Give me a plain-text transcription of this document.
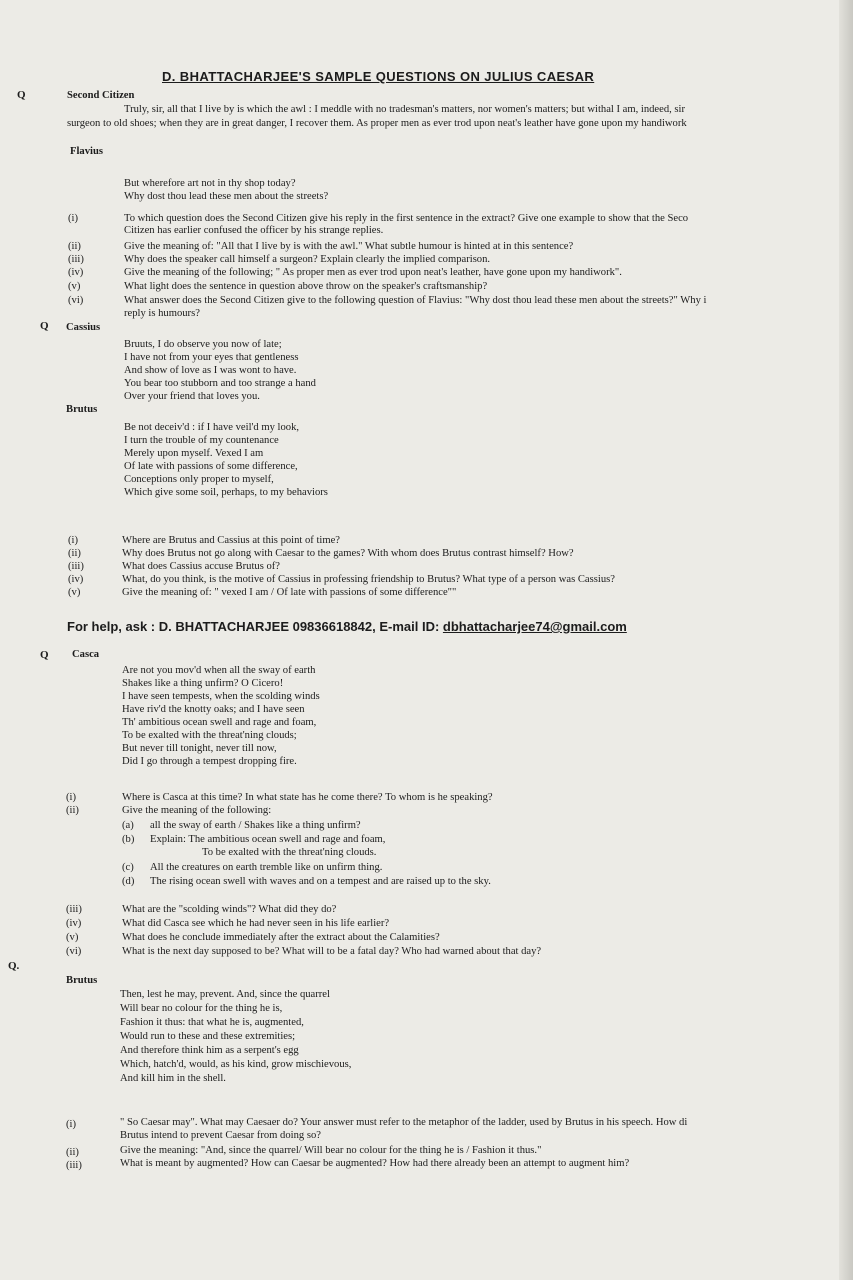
D. BHATTACHARJEE'S SAMPLE QUESTIONS ON JULIUS CAESAR
Q	Second Citizen
Truly, sir, all that I live by is which the awl : I meddle with no tradesman's matters, nor women's matters; but withal I am, indeed, sir
surgeon to old shoes; when they are in great danger, I recover them. As proper men as ever trod upon neat's leather have gone upon my handiwork
Flavius
But wherefore art not in thy shop today?
Why dost thou lead these men about the streets?
(i)	To which question does the Second Citizen give his reply in the first sentence in the extract? Give one example to show that the Seco
Citizen has earlier confused the officer by his strange replies.
(ii)	Give the meaning of: "All that I live by is with the awl." What subtle humour is hinted at in this sentence?
(iii)	Why does the speaker call himself a surgeon? Explain clearly the implied comparison.
(iv)	Give the meaning of the following; " As proper men as ever trod upon neat's leather, have gone upon my handiwork".
(v)	What light does the sentence in question above throw on the speaker's craftsmanship?
(vi)	What answer does the Second Citizen give to the following question of Flavius: "Why dost thou lead these men about the streets?" Why i
reply is humours?
Q Cassius
Bruuts, I do observe you now of late;
I have not from your eyes that gentleness
And show of love as I was wont to have.
You bear too stubborn and too strange a hand
Over your friend that loves you.
Brutus
Be not deceiv'd : if I have veil'd my look,
I turn the trouble of my countenance
Merely upon myself. Vexed I am
Of late with passions of some difference,
Conceptions only proper to myself,
Which give some soil, perhaps, to my behaviors
(i)	Where are Brutus and Cassius at this point of time?
(ii)	Why does Brutus not go along with Caesar to the games? With whom does Brutus contrast himself? How?
(iii)	What does Cassius accuse Brutus of?
(iv)	What, do you think, is the motive of Cassius in professing friendship to Brutus? What type of a person was Cassius?
(v)	Give the meaning of: " vexed I am / Of late with passions of some difference""
For help, ask : D. BHATTACHARJEE 09836618842, E-mail ID: dbhattacharjee74@gmail.com
Q Casca
Are not you mov'd when all the sway of earth
Shakes like a thing unfirm? O Cicero!
I have seen tempests, when the scolding winds
Have riv'd the knotty oaks; and I have seen
Th' ambitious ocean swell and rage and foam,
To be exalted with the threat'ning clouds;
But never till tonight, never till now,
Did I go through a tempest dropping fire.
(i)	Where is Casca at this time? In what state has he come there? To whom is he speaking?
(ii)	Give the meaning of the following:
(a) all the sway of earth / Shakes like a thing unfirm?
(b) Explain: The ambitious ocean swell and rage and foam,
To be exalted with the threat'ning clouds.
(c) All the creatures on earth tremble like on unfirm thing.
(d) The rising ocean swell with waves and on a tempest and are raised up to the sky.
(iii)	What are the "scolding winds"? What did they do?
(iv)	What did Casca see which he had never seen in his life earlier?
(v)	What does he conclude immediately after the extract about the Calamities?
(vi)	What is the next day supposed to be? What will to be a fatal day? Who had warned about that day?
Q.
Brutus
Then, lest he may, prevent. And, since the quarrel
Will bear no colour for the thing he is,
Fashion it thus: that what he is, augmented,
Would run to these and these extremities;
And therefore think him as a serpent's egg
Which, hatch'd, would, as his kind, grow mischievous,
And kill him in the shell.
(i)	" So Caesar may". What may Caesaer do? Your answer must refer to the metaphor of the ladder, used by Brutus in his speech. How di
Brutus intend to prevent Caesar from doing so?
(ii)	Give the meaning: "And, since the quarrel/ Will bear no colour for the thing he is / Fashion it thus."
(iii)	What is meant by augmented? How can Caesar be augmented? How had there already been an attempt to augment him?
